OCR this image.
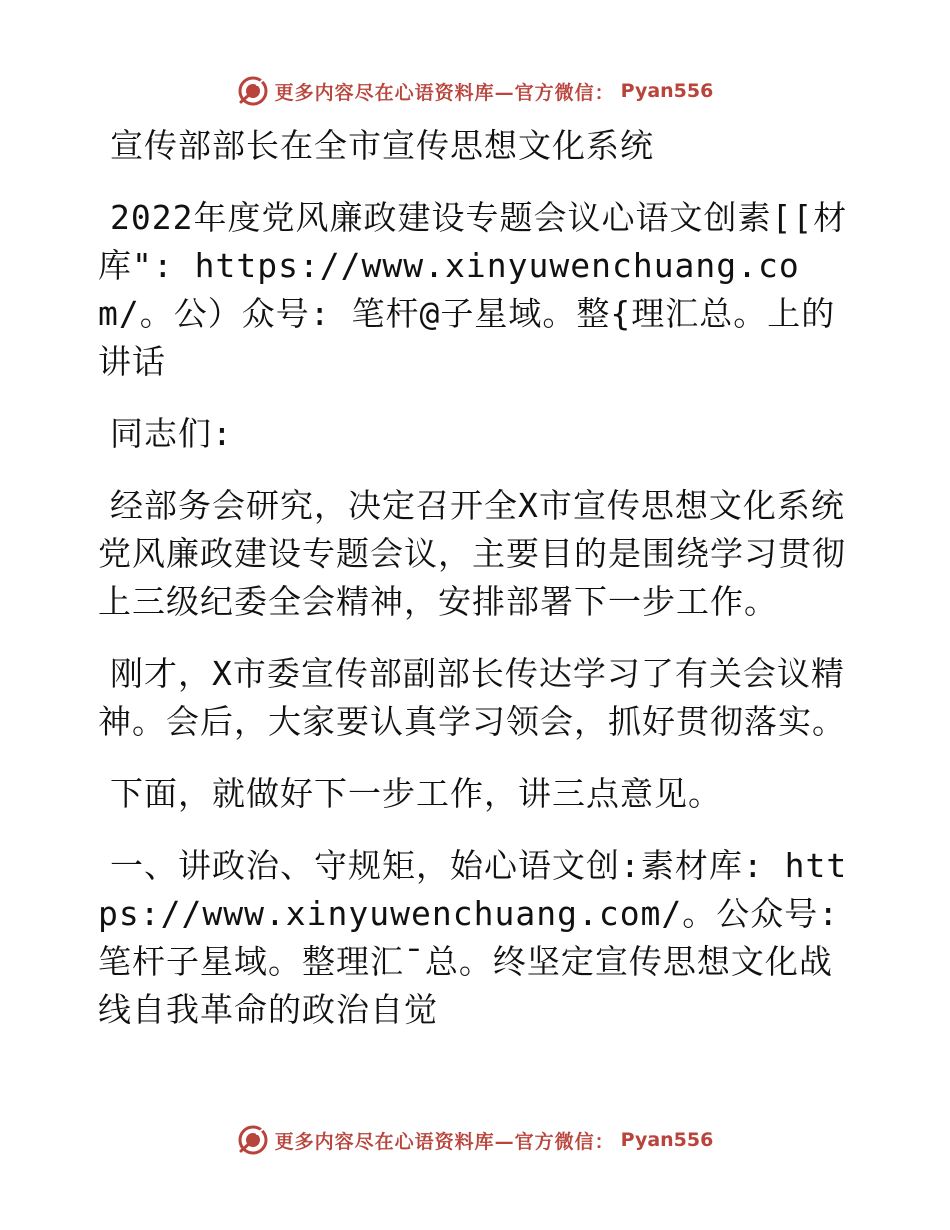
更多内容尽在心语资料库—官方微信： Pyan556

宣传部部长在全市宣传思想文化系统

2022年度党风廉政建设专题会议心语文创素[[材库": https://www.xinyuwenchuang.com/。公）众号: 笔杆@子星域。整{理汇总。上的讲话

同志们:

经部务会研究，决定召开全X市宣传思想文化系统党风廉政建设专题会议，主要目的是围绕学习贯彻上三级纪委全会精神，安排部署下一步工作。

刚才，X市委宣传部副部长传达学习了有关会议精神。会后，大家要认真学习领会，抓好贯彻落实。

下面，就做好下一步工作，讲三点意见。

一、讲政治、守规矩，始心语文创:素材库: https://www.xinyuwenchuang.com/。公众号: 笔杆子星域。整理汇¯总。终坚定宣传思想文化战线自我革命的政治自觉

更多内容尽在心语资料库—官方微信： Pyan556
